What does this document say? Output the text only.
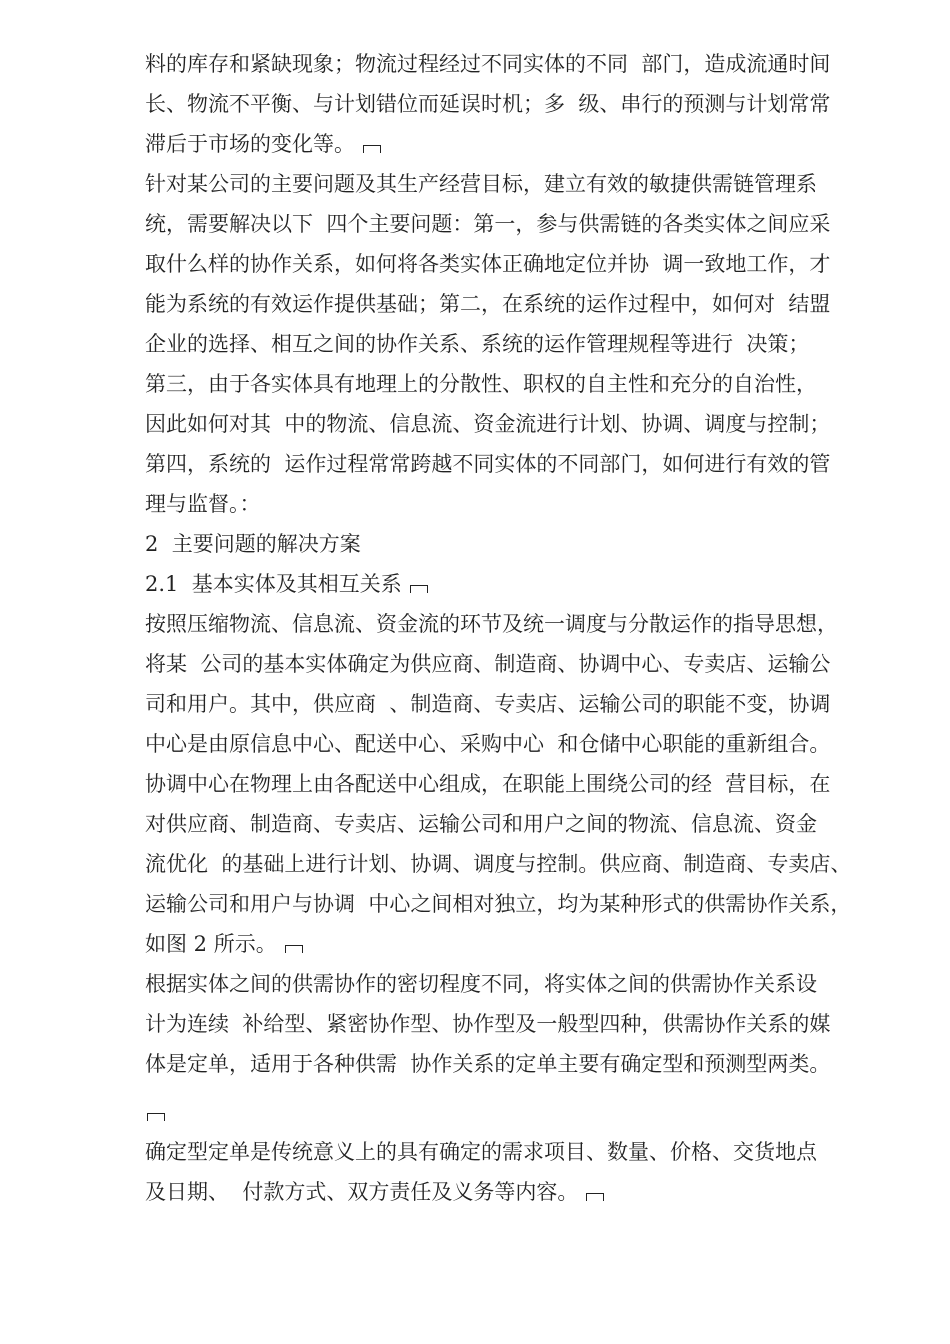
料的库存和紧缺现象；物流过程经过不同实体的不同  部门，造成流通时间
长、物流不平衡、与计划错位而延误时机；多  级、串行的预测与计划常常
滞后于市场的变化等。
针对某公司的主要问题及其生产经营目标，建立有效的敏捷供需链管理系
统，需要解决以下  四个主要问题：第一，参与供需链的各类实体之间应采
取什么样的协作关系，如何将各类实体正确地定位并协  调一致地工作，才
能为系统的有效运作提供基础；第二，在系统的运作过程中，如何对  结盟
企业的选择、相互之间的协作关系、系统的运作管理规程等进行  决策；
第三，由于各实体具有地理上的分散性、职权的自主性和充分的自治性，
因此如何对其  中的物流、信息流、资金流进行计划、协调、调度与控制；
第四，系统的  运作过程常常跨越不同实体的不同部门，如何进行有效的管
理与监督。：
2  主要问题的解决方案
2.1  基本实体及其相互关系
按照压缩物流、信息流、资金流的环节及统一调度与分散运作的指导思想，
将某  公司的基本实体确定为供应商、制造商、协调中心、专卖店、运输公
司和用户。其中，供应商  、制造商、专卖店、运输公司的职能不变，协调
中心是由原信息中心、配送中心、采购中心  和仓储中心职能的重新组合。
协调中心在物理上由各配送中心组成，在职能上围绕公司的经  营目标，在
对供应商、制造商、专卖店、运输公司和用户之间的物流、信息流、资金
流优化  的基础上进行计划、协调、调度与控制。供应商、制造商、专卖店、
运输公司和用户与协调  中心之间相对独立，均为某种形式的供需协作关系，
如图 2 所示。
根据实体之间的供需协作的密切程度不同，将实体之间的供需协作关系设
计为连续  补给型、紧密协作型、协作型及一般型四种，供需协作关系的媒
体是定单，适用于各种供需  协作关系的定单主要有确定型和预测型两类。
确定型定单是传统意义上的具有确定的需求项目、数量、价格、交货地点
及日期、  付款方式、双方责任及义务等内容。
